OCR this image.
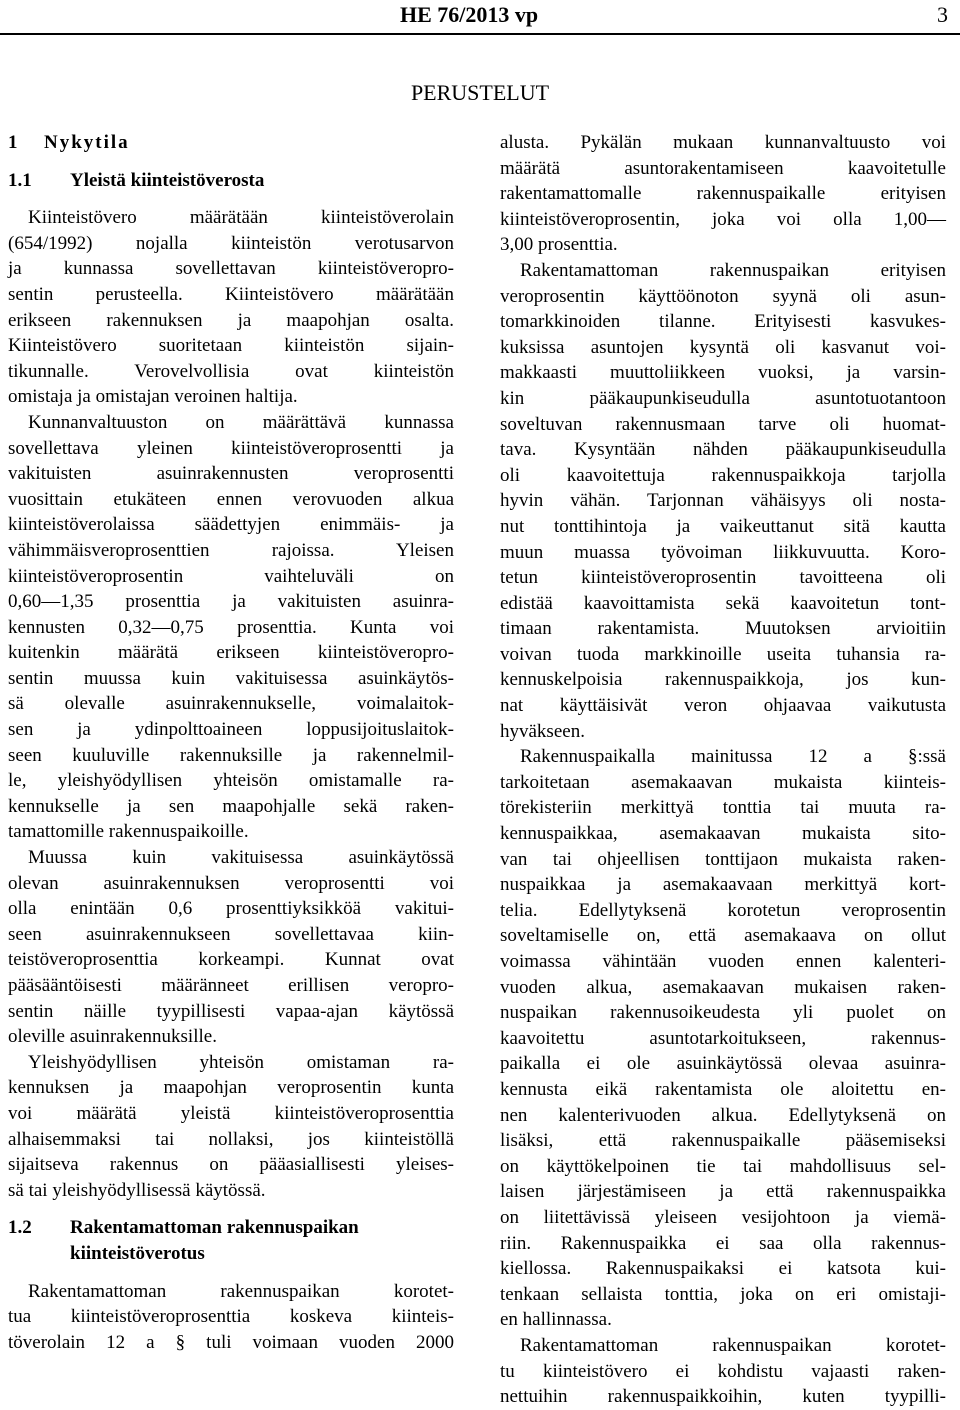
HE 76/2013 vp	3
PERUSTELUT
1 Nykytila
1.1 Yleistä kiinteistöverosta
Kiinteistövero määrätään kiinteistöverolain
(654/1992) nojalla kiinteistön verotusarvon
ja kunnassa sovellettavan kiinteistöveropro-
sentin perusteella. Kiinteistövero määrätään
erikseen rakennuksen ja maapohjan osalta.
Kiinteistövero suoritetaan kiinteistön sijain-
tikunnalle. Verovelvollisia ovat kiinteistön
omistaja ja omistajan veroinen haltija.
Kunnanvaltuuston on määrättävä kunnassa
sovellettava yleinen kiinteistöveroprosentti ja
vakituisten asuinrakennusten veroprosentti
vuosittain etukäteen ennen verovuoden alkua
kiinteistöverolaissa säädettyjen enimmäis- ja
vähimmäisveroprosenttien rajoissa. Yleisen
kiinteistöveroprosentin vaihteluväli on
0,60—1,35 prosenttia ja vakituisten asuinra-
kennusten 0,32—0,75 prosenttia. Kunta voi
kuitenkin määrätä erikseen kiinteistöveropro-
sentin muussa kuin vakituisessa asuinkäytös-
sä olevalle asuinrakennukselle, voimalaitok-
sen ja ydinpolttoaineen loppusijoituslaitok-
seen kuuluville rakennuksille ja rakennelmil-
le, yleishyödyllisen yhteisön omistamalle ra-
kennukselle ja sen maapohjalle sekä raken-
tamattomille rakennuspaikoille.
Muussa kuin vakituisessa asuinkäytössä
olevan asuinrakennuksen veroprosentti voi
olla enintään 0,6 prosenttiyksikköä vakitui-
seen asuinrakennukseen sovellettavaa kiin-
teistöveroprosenttia korkeampi. Kunnat ovat
pääsääntöisesti määränneet erillisen veropro-
sentin näille tyypillisesti vapaa-ajan käytössä
oleville asuinrakennuksille.
Yleishyödyllisen yhteisön omistaman ra-
kennuksen ja maapohjan veroprosentin kunta
voi määrätä yleistä kiinteistöveroprosenttia
alhaisemmaksi tai nollaksi, jos kiinteistöllä
sijaitseva rakennus on pääasiallisesti yleises-
sä tai yleishyödyllisessä käytössä.
1.2 Rakentamattoman rakennuspaikan
kiinteistöverotus
Rakentamattoman rakennuspaikan korotet-
tua kiinteistöveroprosenttia koskeva kiinteis-
töverolain 12 a § tuli voimaan vuoden 2000
alusta. Pykälän mukaan kunnanvaltuusto voi
määrätä asuntorakentamiseen kaavoitetulle
rakentamattomalle rakennuspaikalle erityisen
kiinteistöveroprosentin, joka voi olla 1,00—
3,00 prosenttia.
Rakentamattoman rakennuspaikan erityisen
veroprosentin käyttöönoton syynä oli asun-
tomarkkinoiden tilanne. Erityisesti kasvukes-
kuksissa asuntojen kysyntä oli kasvanut voi-
makkaasti muuttoliikkeen vuoksi, ja varsin-
kin pääkaupunkiseudulla asuntotuotantoon
soveltuvan rakennusmaan tarve oli huomat-
tava. Kysyntään nähden pääkaupunkiseudulla
oli kaavoitettuja rakennuspaikkoja tarjolla
hyvin vähän. Tarjonnan vähäisyys oli nosta-
nut tonttihintoja ja vaikeuttanut sitä kautta
muun muassa työvoiman liikkuvuutta. Koro-
tetun kiinteistöveroprosentin tavoitteena oli
edistää kaavoittamista sekä kaavoitetun tont-
timaan rakentamista. Muutoksen arvioitiin
voivan tuoda markkinoille useita tuhansia ra-
kennuskelpoisia rakennuspaikkoja, jos kun-
nat käyttäisivät veron ohjaavaa vaikutusta
hyväkseen.
Rakennuspaikalla mainitussa 12 a §:ssä
tarkoitetaan asemakaavan mukaista kiinteis-
törekisteriin merkittyä tonttia tai muuta ra-
kennuspaikkaa, asemakaavan mukaista sito-
van tai ohjeellisen tonttijaon mukaista raken-
nuspaikkaa ja asemakaavaan merkittyä kort-
telia. Edellytyksenä korotetun veroprosentin
soveltamiselle on, että asemakaava on ollut
voimassa vähintään vuoden ennen kalenteri-
vuoden alkua, asemakaavan mukaisen raken-
nuspaikan rakennusoikeudesta yli puolet on
kaavoitettu asuntotarkoitukseen, rakennus-
paikalla ei ole asuinkäytössä olevaa asuinra-
kennusta eikä rakentamista ole aloitettu en-
nen kalenterivuoden alkua. Edellytyksenä on
lisäksi, että rakennuspaikalle pääsemiseksi
on käyttökelpoinen tie tai mahdollisuus sel-
laisen järjestämiseen ja että rakennuspaikka
on liitettävissä yleiseen vesijohtoon ja viemä-
riin. Rakennuspaikka ei saa olla rakennus-
kiellossa. Rakennuspaikaksi ei katsota kui-
tenkaan sellaista tonttia, joka on eri omistaji-
en hallinnassa.
Rakentamattoman rakennuspaikan korotet-
tu kiinteistövero ei kohdistu vajaasti raken-
nettuihin rakennuspaikkoihin, kuten tyypilli-
